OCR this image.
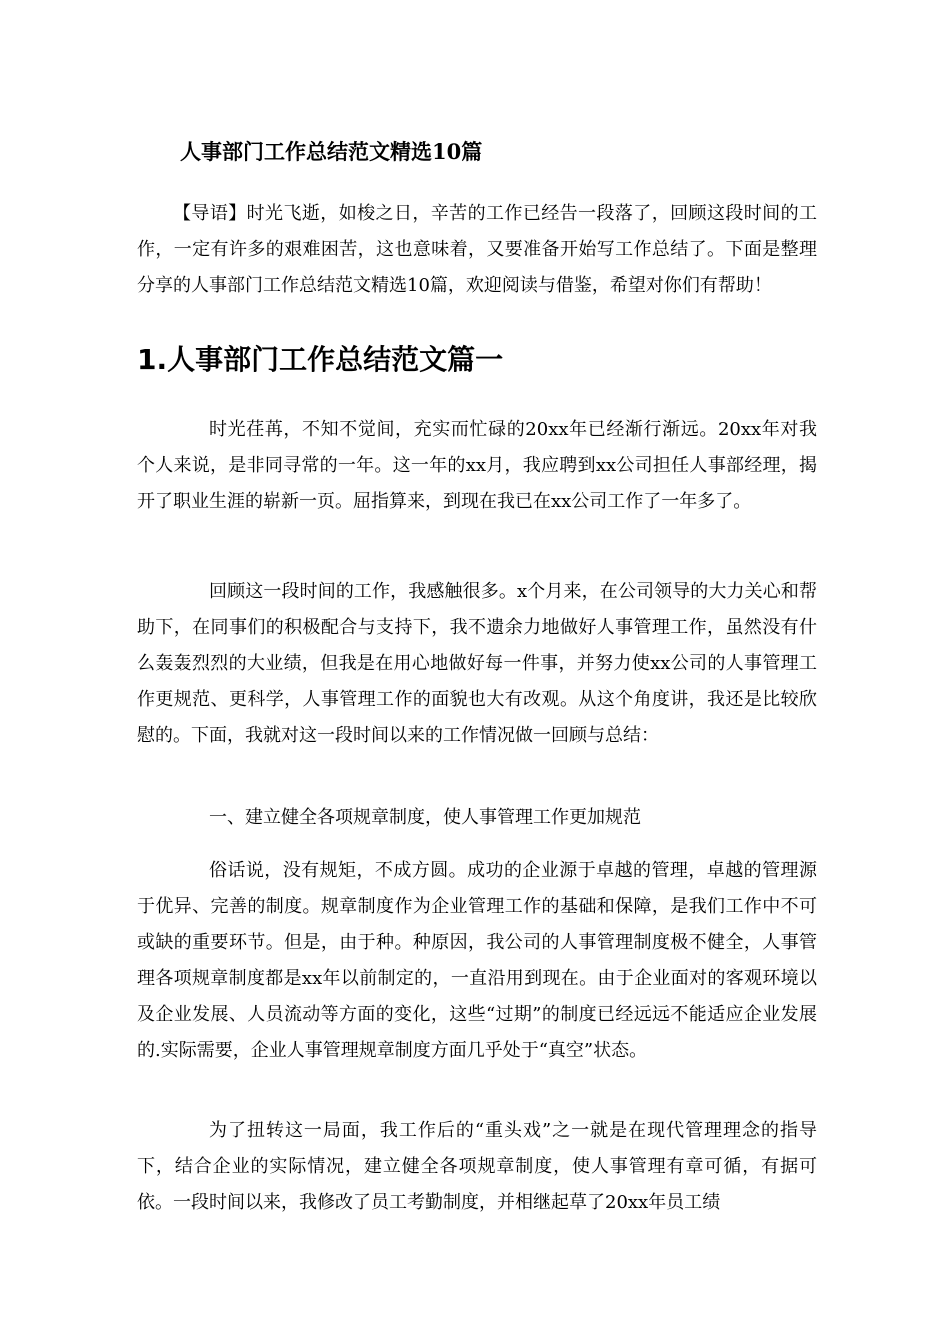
人事部门工作总结范文精选10篇

【导语】时光飞逝，如梭之日，辛苦的工作已经告一段落了，回顾这段时间的工作，一定有许多的艰难困苦，这也意味着，又要准备开始写工作总结了。下面是整理分享的人事部门工作总结范文精选10篇，欢迎阅读与借鉴，希望对你们有帮助！

1.人事部门工作总结范文篇一

时光荏苒，不知不觉间，充实而忙碌的20xx年已经渐行渐远。20xx年对我个人来说，是非同寻常的一年。这一年的xx月，我应聘到xx公司担任人事部经理，揭开了职业生涯的崭新一页。屈指算来，到现在我已在xx公司工作了一年多了。

回顾这一段时间的工作，我感触很多。x个月来，在公司领导的大力关心和帮助下，在同事们的积极配合与支持下，我不遗余力地做好人事管理工作，虽然没有什么轰轰烈烈的大业绩，但我是在用心地做好每一件事，并努力使xx公司的人事管理工作更规范、更科学，人事管理工作的面貌也大有改观。从这个角度讲，我还是比较欣慰的。下面，我就对这一段时间以来的工作情况做一回顾与总结：

一、建立健全各项规章制度，使人事管理工作更加规范

俗话说，没有规矩，不成方圆。成功的企业源于卓越的管理，卓越的管理源于优异、完善的制度。规章制度作为企业管理工作的基础和保障，是我们工作中不可或缺的重要环节。但是，由于种。种原因，我公司的人事管理制度极不健全，人事管理各项规章制度都是xx年以前制定的，一直沿用到现在。由于企业面对的客观环境以及企业发展、人员流动等方面的变化，这些“过期”的制度已经远远不能适应企业发展的.实际需要，企业人事管理规章制度方面几乎处于“真空”状态。

为了扭转这一局面，我工作后的“重头戏”之一就是在现代管理理念的指导下，结合企业的实际情况，建立健全各项规章制度，使人事管理有章可循，有据可依。一段时间以来，我修改了员工考勤制度，并相继起草了20xx年员工绩
